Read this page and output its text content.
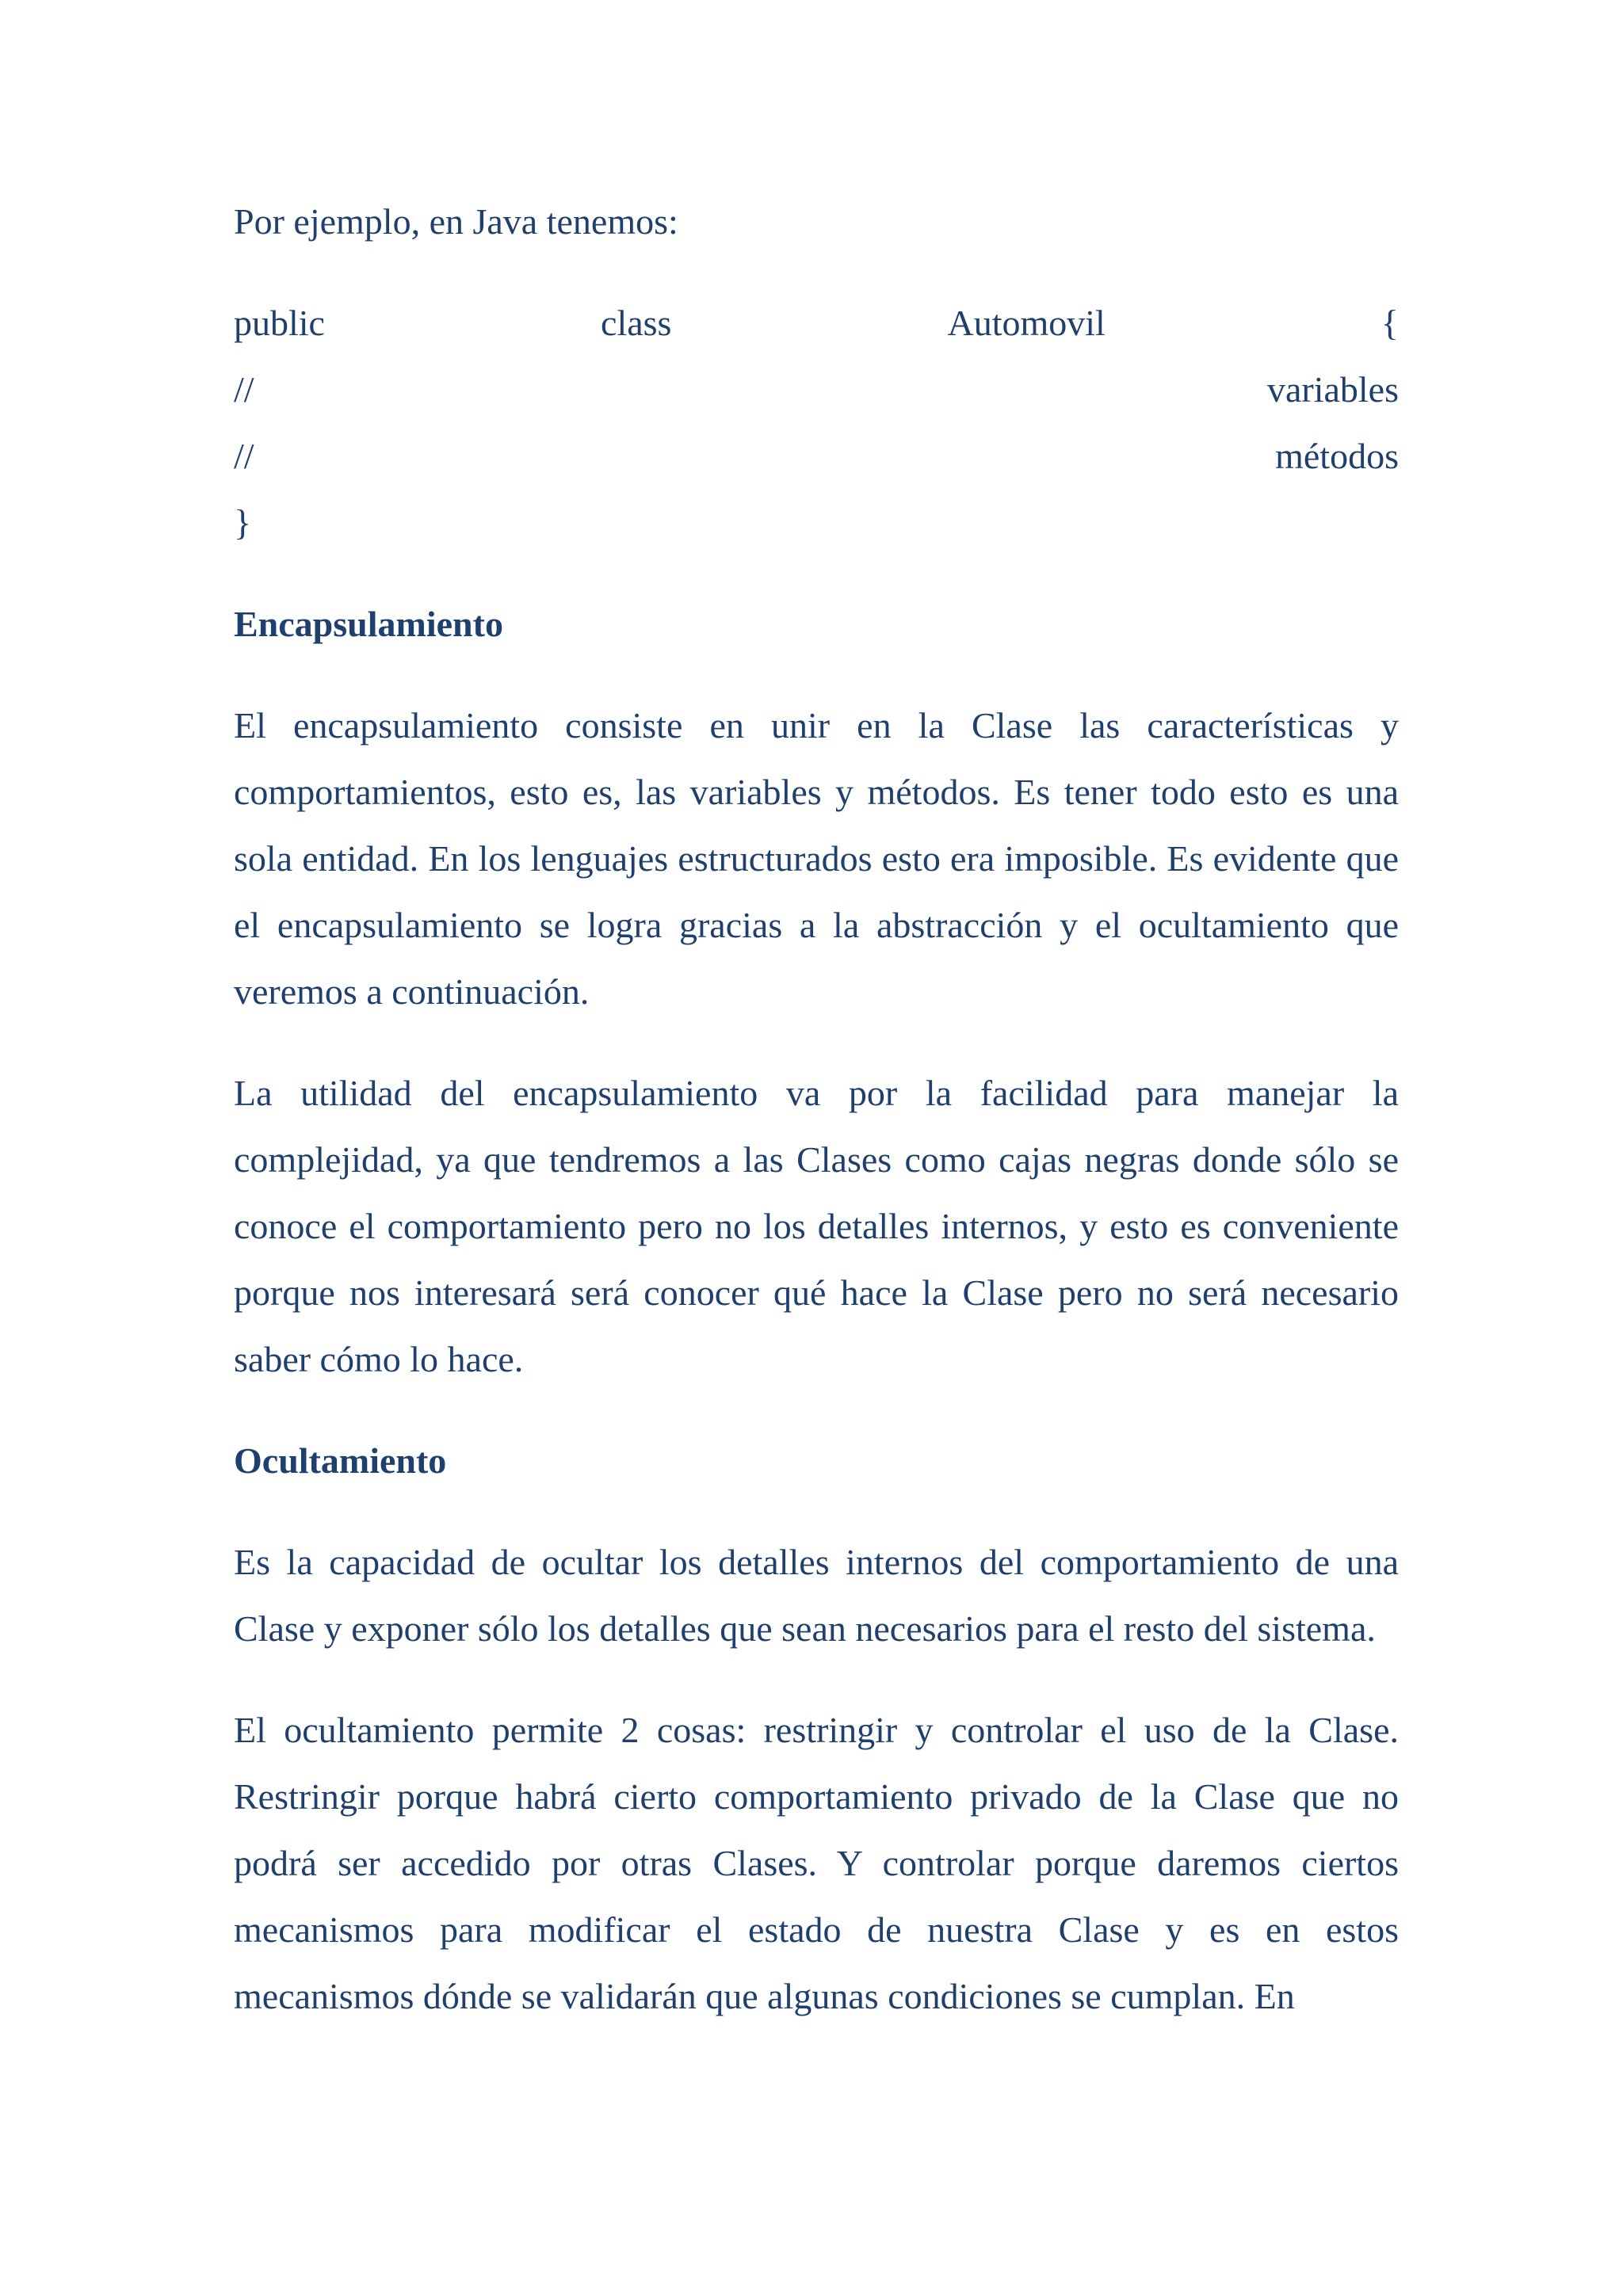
Por ejemplo, en Java tenemos:

public	class	Automovil	{
//	variables
//	métodos
}
Encapsulamiento

El encapsulamiento consiste en unir en la Clase las características y comportamientos, esto es, las variables y métodos. Es tener todo esto es una sola entidad. En los lenguajes estructurados esto era imposible. Es evidente que el encapsulamiento se logra gracias a la abstracción y el ocultamiento que veremos a continuación.

La utilidad del encapsulamiento va por la facilidad para manejar la complejidad, ya que tendremos a las Clases como cajas negras donde sólo se conoce el comportamiento pero no los detalles internos, y esto es conveniente porque nos interesará será conocer qué hace la Clase pero no será necesario saber cómo lo hace.

Ocultamiento

Es la capacidad de ocultar los detalles internos del comportamiento de una Clase y exponer sólo los detalles que sean necesarios para el resto del sistema.

El ocultamiento permite 2 cosas: restringir y controlar el uso de la Clase. Restringir porque habrá cierto comportamiento privado de la Clase que no podrá ser accedido por otras Clases. Y controlar porque daremos ciertos mecanismos para modificar el estado de nuestra Clase y es en estos mecanismos dónde se validarán que algunas condiciones se cumplan. En
